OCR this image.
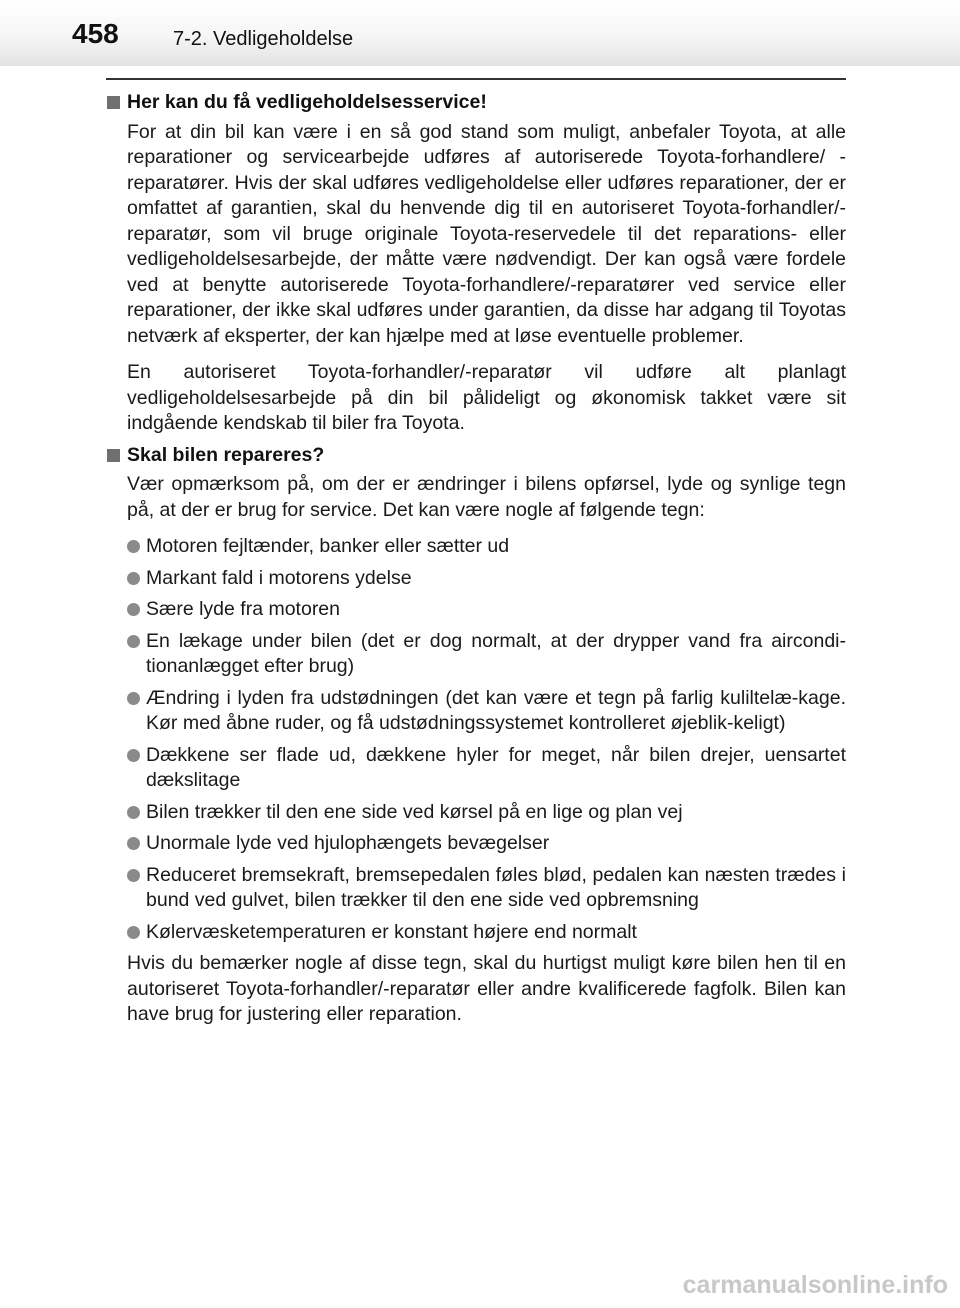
458	7-2. Vedligeholdelse
Her kan du få vedligeholdelsesservice!
For at din bil kan være i en så god stand som muligt, anbefaler Toyota, at alle reparationer og servicearbejde udføres af autoriserede Toyota-forhandlere/ -reparatører. Hvis der skal udføres vedligeholdelse eller udføres reparationer, der er omfattet af garantien, skal du henvende dig til en autoriseret Toyota-forhandler/-reparatør, som vil bruge originale Toyota-reservedele til det reparations- eller vedligeholdelsesarbejde, der måtte være nødvendigt. Der kan også være fordele ved at benytte autoriserede Toyota-forhandlere/-reparatører ved service eller reparationer, der ikke skal udføres under garantien, da disse har adgang til Toyotas netværk af eksperter, der kan hjælpe med at løse eventuelle problemer.
En autoriseret Toyota-forhandler/-reparatør vil udføre alt planlagt vedligeholdelsesarbejde på din bil pålideligt og økonomisk takket være sit indgående kendskab til biler fra Toyota.
Skal bilen repareres?
Vær opmærksom på, om der er ændringer i bilens opførsel, lyde og synlige tegn på, at der er brug for service. Det kan være nogle af følgende tegn:
Motoren fejltænder, banker eller sætter ud
Markant fald i motorens ydelse
Sære lyde fra motoren
En lækage under bilen (det er dog normalt, at der drypper vand fra aircondi-tionanlægget efter brug)
Ændring i lyden fra udstødningen (det kan være et tegn på farlig kuliltelæ-kage. Kør med åbne ruder, og få udstødningssystemet kontrolleret øjeblik-keligt)
Dækkene ser flade ud, dækkene hyler for meget, når bilen drejer, uensartet dækslitage
Bilen trækker til den ene side ved kørsel på en lige og plan vej
Unormale lyde ved hjulophængets bevægelser
Reduceret bremsekraft, bremsepedalen føles blød, pedalen kan næsten trædes i bund ved gulvet, bilen trækker til den ene side ved opbremsning
Kølervæsketemperaturen er konstant højere end normalt
Hvis du bemærker nogle af disse tegn, skal du hurtigst muligt køre bilen hen til en autoriseret Toyota-forhandler/-reparatør eller andre kvalificerede fagfolk. Bilen kan have brug for justering eller reparation.
carmanualsonline.info
